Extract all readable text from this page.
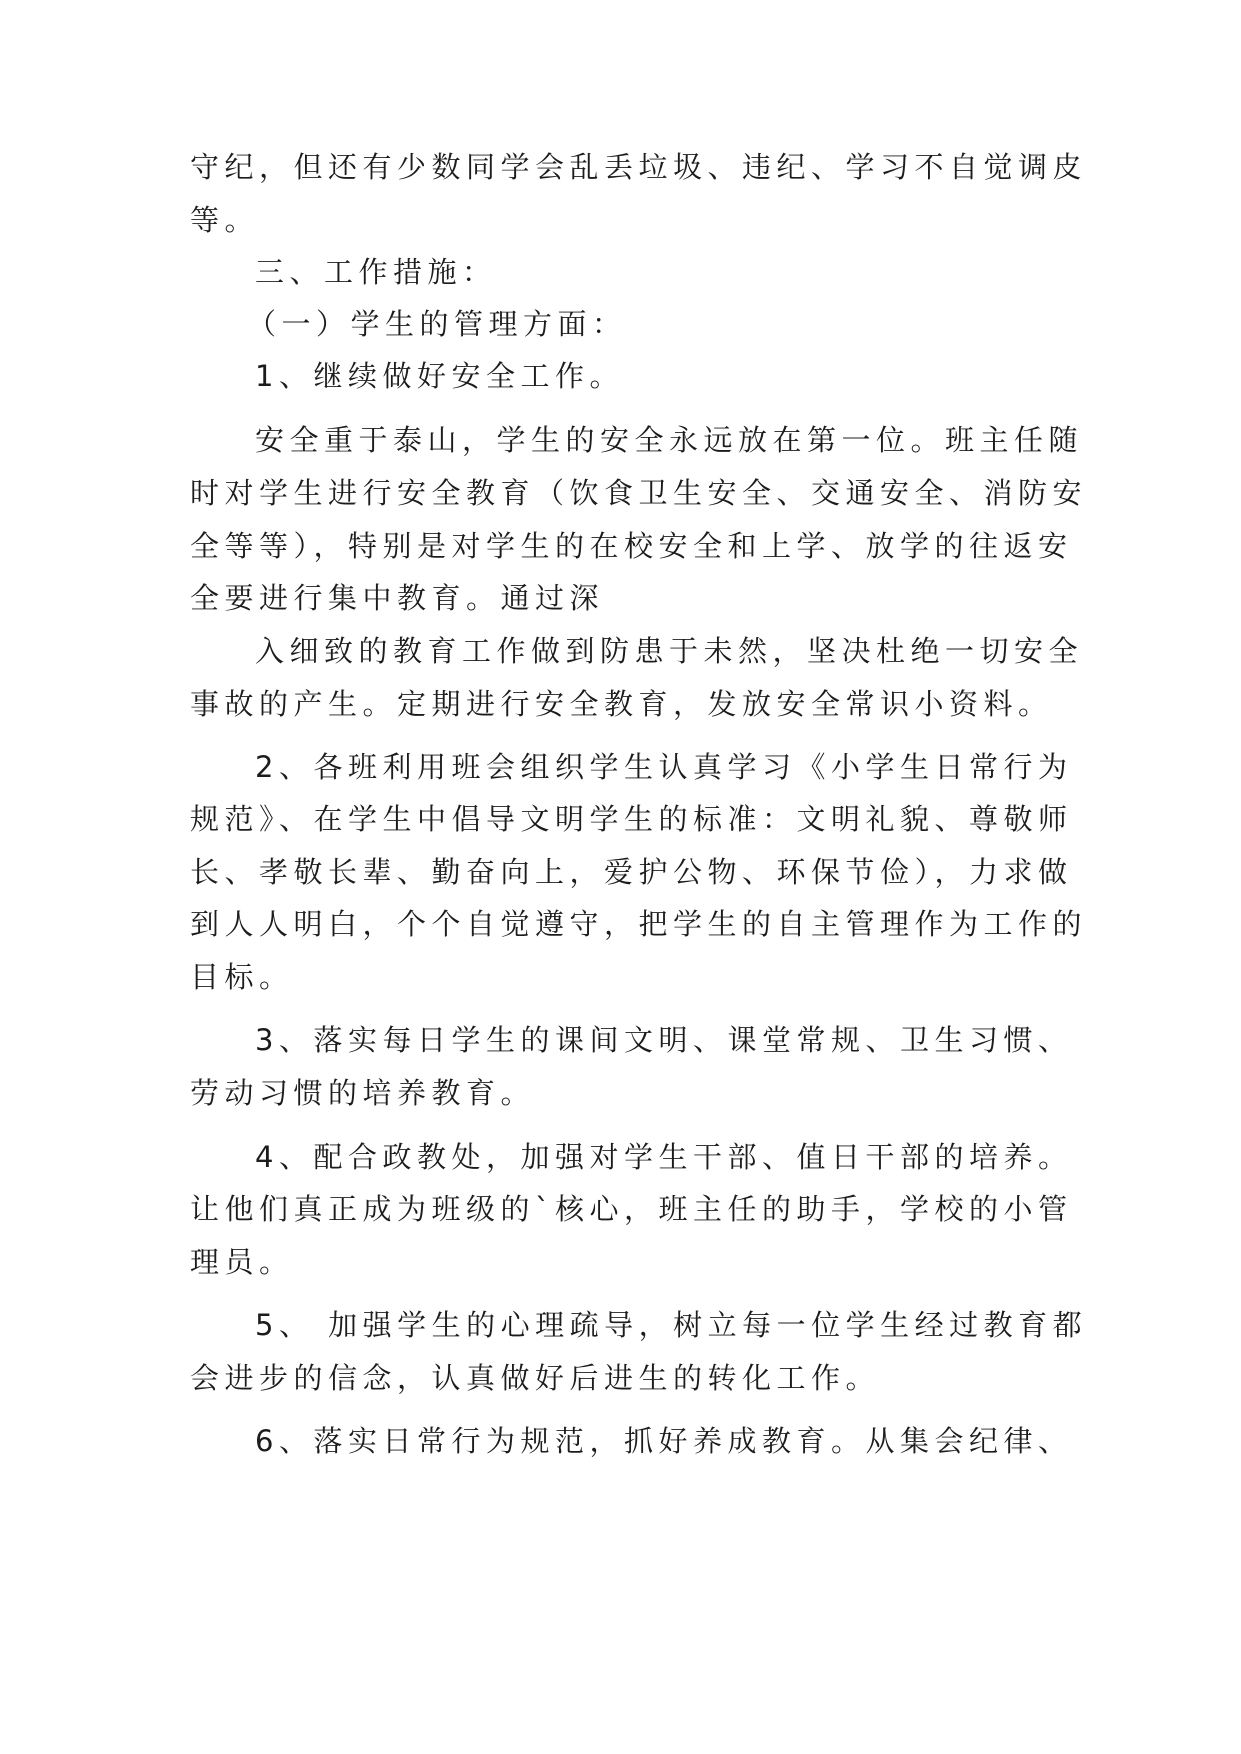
守纪，但还有少数同学会乱丢垃圾、违纪、学习不自觉调皮

等。

三、工作措施：

（一）学生的管理方面：

1、继续做好安全工作。

安全重于泰山，学生的安全永远放在第一位。班主任随

时对学生进行安全教育（饮食卫生安全、交通安全、消防安

全等等），特别是对学生的在校安全和上学、放学的往返安

全要进行集中教育。通过深

入细致的教育工作做到防患于未然，坚决杜绝一切安全

事故的产生。定期进行安全教育，发放安全常识小资料。

2、各班利用班会组织学生认真学习《小学生日常行为

规范》、在学生中倡导文明学生的标准：文明礼貌、尊敬师

长、孝敬长辈、勤奋向上，爱护公物、环保节俭），力求做

到人人明白，个个自觉遵守，把学生的自主管理作为工作的

目标。

3、落实每日学生的课间文明、课堂常规、卫生习惯、

劳动习惯的培养教育。

4、配合政教处，加强对学生干部、值日干部的培养。

让他们真正成为班级的`核心，班主任的助手，学校的小管

理员。

5、 加强学生的心理疏导，树立每一位学生经过教育都

会进步的信念，认真做好后进生的转化工作。

6、落实日常行为规范，抓好养成教育。从集会纪律、
